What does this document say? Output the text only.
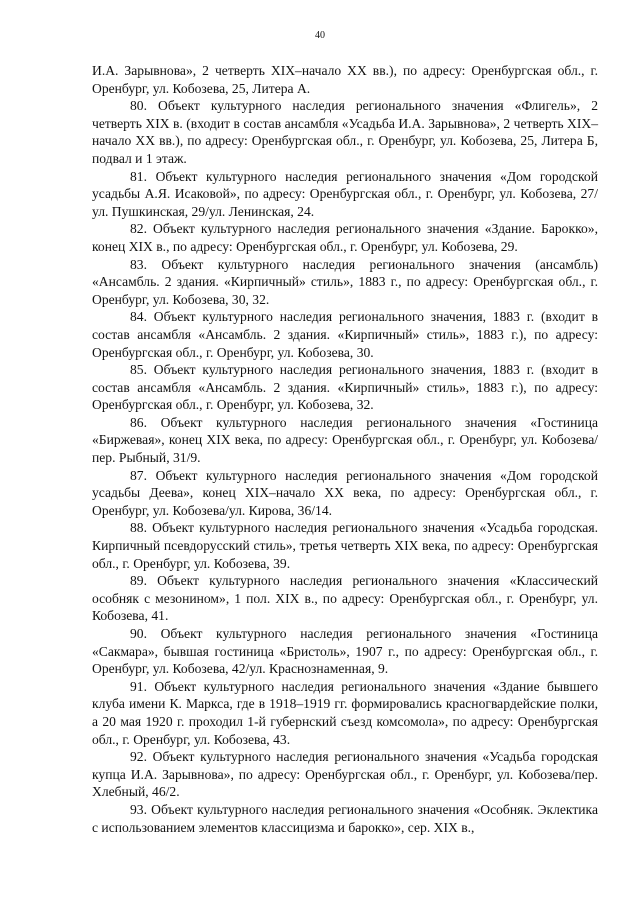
40

И.А. Зарывнова», 2 четверть XIX–начало XX вв.), по адресу: Оренбургская обл., г. Оренбург, ул. Кобозева, 25, Литера А.

80. Объект культурного наследия регионального значения «Флигель», 2 четверть XIX в. (входит в состав ансамбля «Усадьба И.А. Зарывнова», 2 четверть XIX–начало XX вв.), по адресу: Оренбургская обл., г. Оренбург, ул. Кобозева, 25, Литера Б, подвал и 1 этаж.

81. Объект культурного наследия регионального значения «Дом городской усадьбы А.Я. Исаковой», по адресу: Оренбургская обл., г. Оренбург, ул. Кобозева, 27/ул. Пушкинская, 29/ул. Ленинская, 24.

82. Объект культурного наследия регионального значения «Здание. Барокко», конец XIX в., по адресу: Оренбургская обл., г. Оренбург, ул. Кобозева, 29.

83. Объект культурного наследия регионального значения (ансамбль) «Ансамбль. 2 здания. «Кирпичный» стиль», 1883 г., по адресу: Оренбургская обл., г. Оренбург, ул. Кобозева, 30, 32.

84. Объект культурного наследия регионального значения, 1883 г. (входит в состав ансамбля «Ансамбль. 2 здания. «Кирпичный» стиль», 1883 г.), по адресу: Оренбургская обл., г. Оренбург, ул. Кобозева, 30.

85. Объект культурного наследия регионального значения, 1883 г. (входит в состав ансамбля «Ансамбль. 2 здания. «Кирпичный» стиль», 1883 г.), по адресу: Оренбургская обл., г. Оренбург, ул. Кобозева, 32.

86. Объект культурного наследия регионального значения «Гостиница «Биржевая», конец XIX века, по адресу: Оренбургская обл., г. Оренбург, ул. Кобозева/пер. Рыбный, 31/9.

87. Объект культурного наследия регионального значения «Дом городской усадьбы Деева», конец XIX–начало XX века, по адресу: Оренбургская обл., г. Оренбург, ул. Кобозева/ул. Кирова, 36/14.

88. Объект культурного наследия регионального значения «Усадьба городская. Кирпичный псевдорусский стиль», третья четверть XIX века, по адресу: Оренбургская обл., г. Оренбург, ул. Кобозева, 39.

89. Объект культурного наследия регионального значения «Классический особняк с мезонином», 1 пол. XIX в., по адресу: Оренбургская обл., г. Оренбург, ул. Кобозева, 41.

90. Объект культурного наследия регионального значения «Гостиница «Сакмара», бывшая гостиница «Бристоль», 1907 г., по адресу: Оренбургская обл., г. Оренбург, ул. Кобозева, 42/ул. Краснознаменная, 9.

91. Объект культурного наследия регионального значения «Здание бывшего клуба имени К. Маркса, где в 1918–1919 гг. формировались красногвардейские полки, а 20 мая 1920 г. проходил 1-й губернский съезд комсомола», по адресу: Оренбургская обл., г. Оренбург, ул. Кобозева, 43.

92. Объект культурного наследия регионального значения «Усадьба городская купца И.А. Зарывнова», по адресу: Оренбургская обл., г. Оренбург, ул. Кобозева/пер. Хлебный, 46/2.

93. Объект культурного наследия регионального значения «Особняк. Эклектика с использованием элементов классицизма и барокко», сер. XIX в.,
